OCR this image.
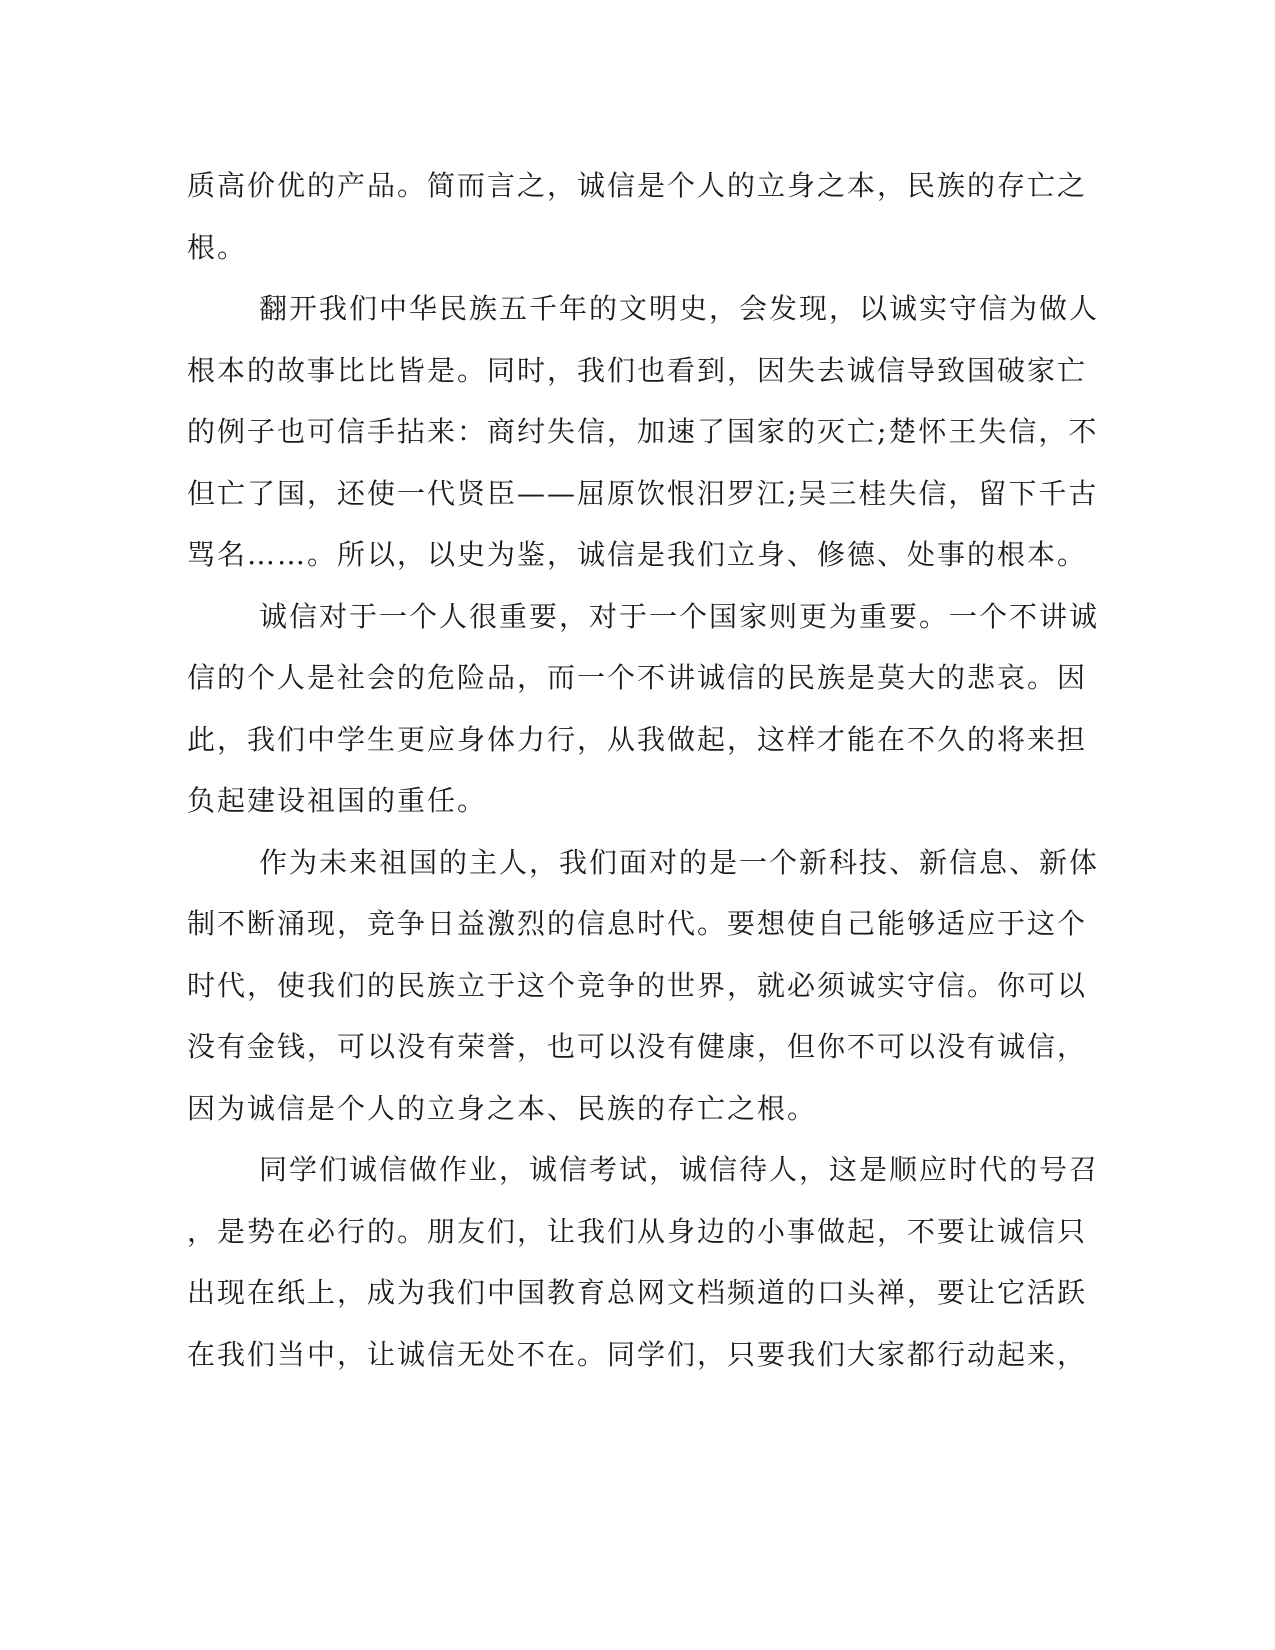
质高价优的产品。简而言之，诚信是个人的立身之本，民族的存亡之
根。
翻开我们中华民族五千年的文明史，会发现，以诚实守信为做人
根本的故事比比皆是。同时，我们也看到，因失去诚信导致国破家亡
的例子也可信手拈来：商纣失信，加速了国家的灭亡;楚怀王失信，不
但亡了国，还使一代贤臣——屈原饮恨汨罗江;吴三桂失信，留下千古
骂名……。所以，以史为鉴，诚信是我们立身、修德、处事的根本。
诚信对于一个人很重要，对于一个国家则更为重要。一个不讲诚
信的个人是社会的危险品，而一个不讲诚信的民族是莫大的悲哀。因
此，我们中学生更应身体力行，从我做起，这样才能在不久的将来担
负起建设祖国的重任。
作为未来祖国的主人，我们面对的是一个新科技、新信息、新体
制不断涌现，竞争日益激烈的信息时代。要想使自己能够适应于这个
时代，使我们的民族立于这个竞争的世界，就必须诚实守信。你可以
没有金钱，可以没有荣誉，也可以没有健康，但你不可以没有诚信，
因为诚信是个人的立身之本、民族的存亡之根。
同学们诚信做作业，诚信考试，诚信待人，这是顺应时代的号召
，是势在必行的。朋友们，让我们从身边的小事做起，不要让诚信只
出现在纸上，成为我们中国教育总网文档频道的口头禅，要让它活跃
在我们当中，让诚信无处不在。同学们，只要我们大家都行动起来，
